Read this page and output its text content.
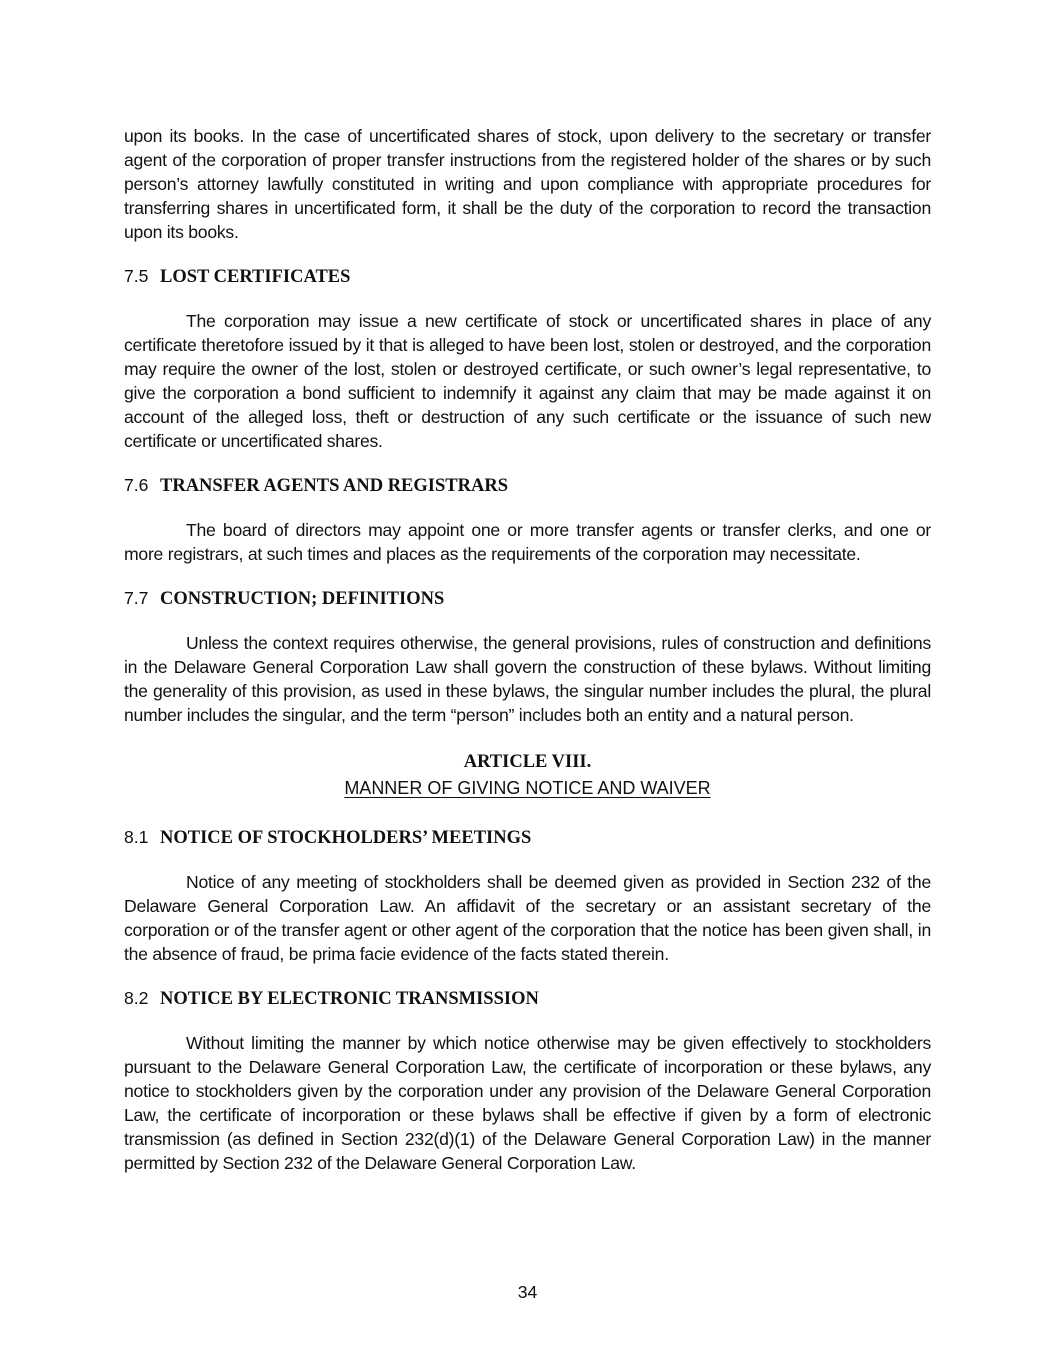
upon its books. In the case of uncertificated shares of stock, upon delivery to the secretary or transfer agent of the corporation of proper transfer instructions from the registered holder of the shares or by such person’s attorney lawfully constituted in writing and upon compliance with appropriate procedures for transferring shares in uncertificated form, it shall be the duty of the corporation to record the transaction upon its books.

7.5 LOST CERTIFICATES

The corporation may issue a new certificate of stock or uncertificated shares in place of any certificate theretofore issued by it that is alleged to have been lost, stolen or destroyed, and the corporation may require the owner of the lost, stolen or destroyed certificate, or such owner’s legal representative, to give the corporation a bond sufficient to indemnify it against any claim that may be made against it on account of the alleged loss, theft or destruction of any such certificate or the issuance of such new certificate or uncertificated shares.

7.6 TRANSFER AGENTS AND REGISTRARS

The board of directors may appoint one or more transfer agents or transfer clerks, and one or more registrars, at such times and places as the requirements of the corporation may necessitate.

7.7 CONSTRUCTION; DEFINITIONS

Unless the context requires otherwise, the general provisions, rules of construction and definitions in the Delaware General Corporation Law shall govern the construction of these bylaws. Without limiting the generality of this provision, as used in these bylaws, the singular number includes the plural, the plural number includes the singular, and the term “person” includes both an entity and a natural person.

ARTICLE VIII.
MANNER OF GIVING NOTICE AND WAIVER
8.1 NOTICE OF STOCKHOLDERS’ MEETINGS

Notice of any meeting of stockholders shall be deemed given as provided in Section 232 of the Delaware General Corporation Law. An affidavit of the secretary or an assistant secretary of the corporation or of the transfer agent or other agent of the corporation that the notice has been given shall, in the absence of fraud, be prima facie evidence of the facts stated therein.

8.2 NOTICE BY ELECTRONIC TRANSMISSION

Without limiting the manner by which notice otherwise may be given effectively to stockholders pursuant to the Delaware General Corporation Law, the certificate of incorporation or these bylaws, any notice to stockholders given by the corporation under any provision of the Delaware General Corporation Law, the certificate of incorporation or these bylaws shall be effective if given by a form of electronic transmission (as defined in Section 232(d)(1) of the Delaware General Corporation Law) in the manner permitted by Section 232 of the Delaware General Corporation Law.

34
